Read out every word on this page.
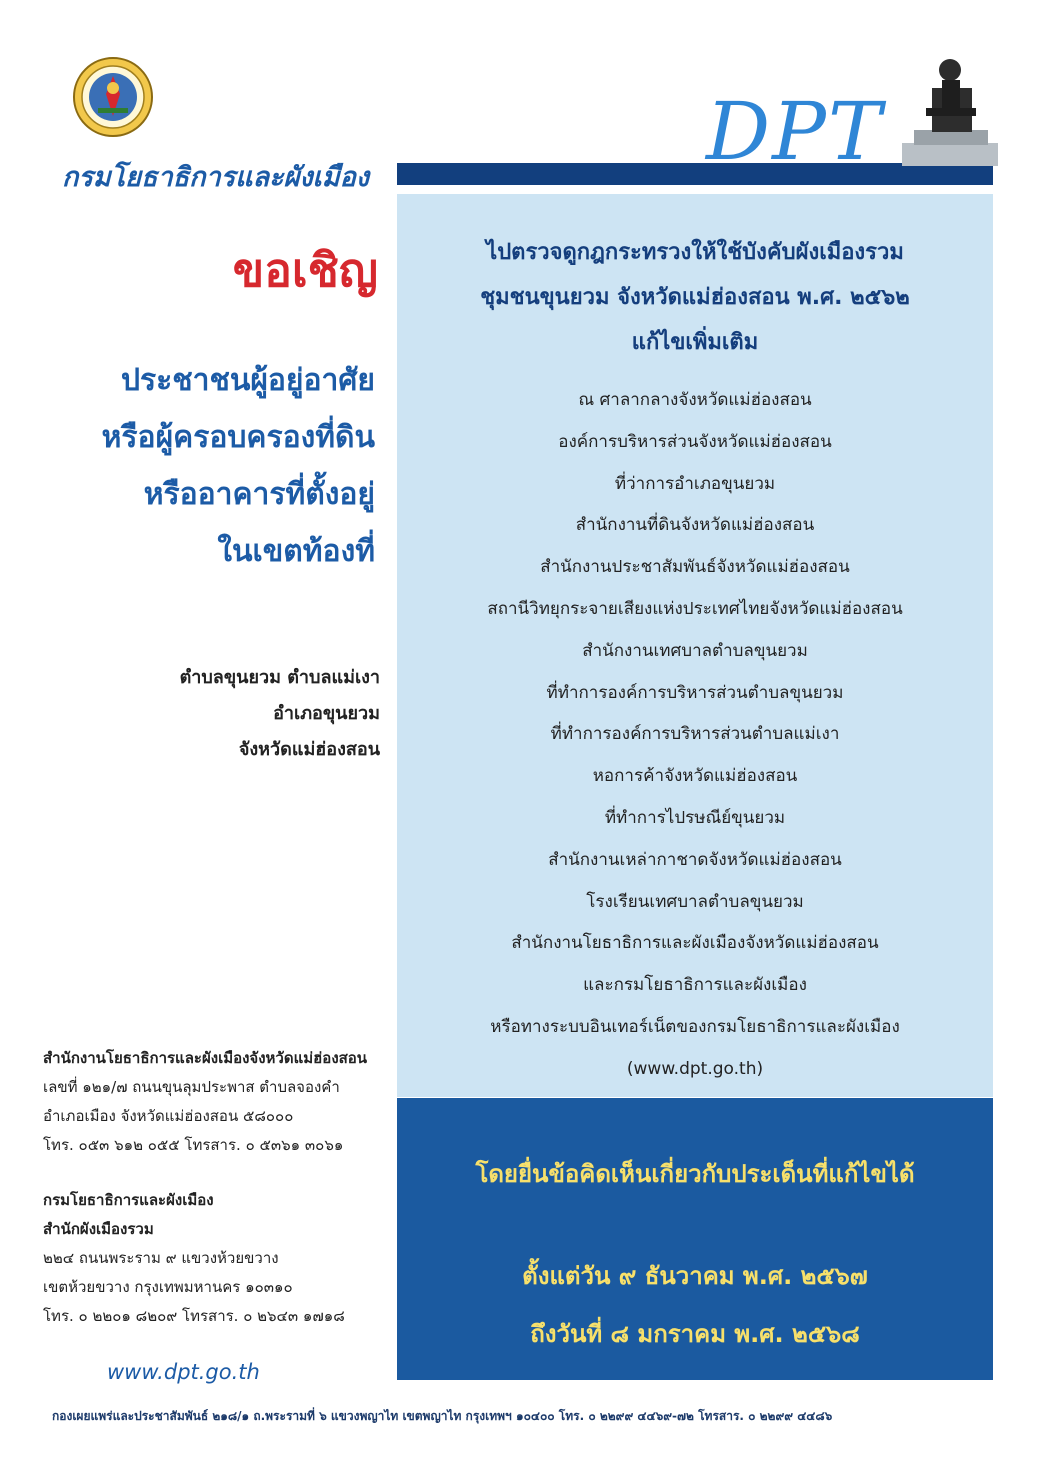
กรมโยธาธิการและผังเมือง	DPT
ขอเชิญ
ประชาชนผู้อยู่อาศัย
หรือผู้ครอบครองที่ดิน
หรืออาคารที่ตั้งอยู่
ในเขตท้องที่
ตำบลขุนยวม ตำบลแม่เงา
อำเภอขุนยวม
จังหวัดแม่ฮ่องสอน
สำนักงานโยธาธิการและผังเมืองจังหวัดแม่ฮ่องสอน
เลขที่ ๑๒๑/๗ ถนนขุนลุมประพาส ตำบลจองคำ
อำเภอเมือง จังหวัดแม่ฮ่องสอน ๕๘๐๐๐
โทร. ๐๕๓ ๖๑๒ ๐๕๕ โทรสาร. ๐ ๕๓๖๑ ๓๐๖๑
กรมโยธาธิการและผังเมือง
สำนักผังเมืองรวม
๒๒๔ ถนนพระราม ๙ แขวงห้วยขวาง
เขตห้วยขวาง กรุงเทพมหานคร ๑๐๓๑๐
โทร. ๐ ๒๒๐๑ ๘๒๐๙ โทรสาร. ๐ ๒๖๔๓ ๑๗๑๘
www.dpt.go.th
ไปตรวจดูกฎกระทรวงให้ใช้บังคับผังเมืองรวม
ชุมชนขุนยวม จังหวัดแม่ฮ่องสอน พ.ศ. ๒๕๖๒
แก้ไขเพิ่มเติม
ณ ศาลากลางจังหวัดแม่ฮ่องสอน
องค์การบริหารส่วนจังหวัดแม่ฮ่องสอน
ที่ว่าการอำเภอขุนยวม
สำนักงานที่ดินจังหวัดแม่ฮ่องสอน
สำนักงานประชาสัมพันธ์จังหวัดแม่ฮ่องสอน
สถานีวิทยุกระจายเสียงแห่งประเทศไทยจังหวัดแม่ฮ่องสอน
สำนักงานเทศบาลตำบลขุนยวม
ที่ทำการองค์การบริหารส่วนตำบลขุนยวม
ที่ทำการองค์การบริหารส่วนตำบลแม่เงา
หอการค้าจังหวัดแม่ฮ่องสอน
ที่ทำการไปรษณีย์ขุนยวม
สำนักงานเหล่ากาชาดจังหวัดแม่ฮ่องสอน
โรงเรียนเทศบาลตำบลขุนยวม
สำนักงานโยธาธิการและผังเมืองจังหวัดแม่ฮ่องสอน
และกรมโยธาธิการและผังเมือง
หรือทางระบบอินเทอร์เน็ตของกรมโยธาธิการและผังเมือง
(www.dpt.go.th)
โดยยื่นข้อคิดเห็นเกี่ยวกับประเด็นที่แก้ไขได้
ตั้งแต่วัน ๙ ธันวาคม พ.ศ. ๒๕๖๗
ถึงวันที่ ๘ มกราคม พ.ศ. ๒๕๖๘
กองเผยแพร่และประชาสัมพันธ์ ๒๑๘/๑ ถ.พระรามที่ ๖ แขวงพญาไท เขตพญาไท กรุงเทพฯ ๑๐๔๐๐ โทร. ๐ ๒๒๙๙ ๔๔๖๙-๗๒ โทรสาร. ๐ ๒๒๙๙ ๔๔๘๖
